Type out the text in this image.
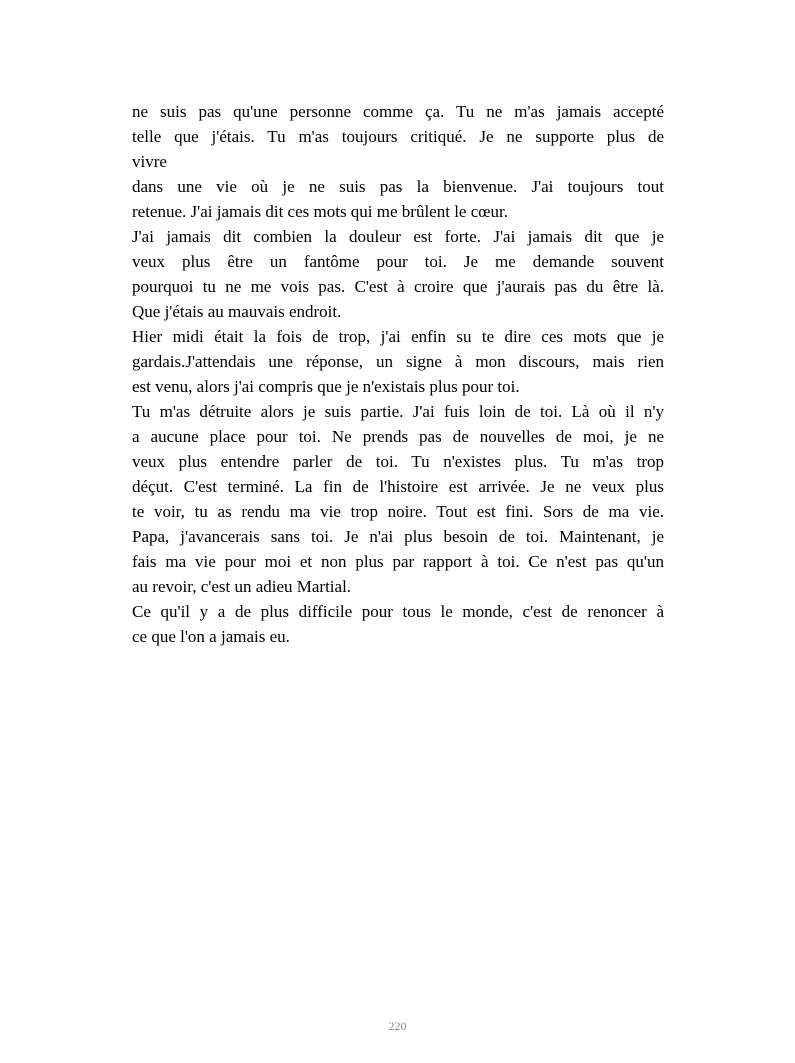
ne suis pas qu'une personne comme ça. Tu ne m'as jamais accepté
telle que j'étais. Tu m'as toujours critiqué. Je ne supporte plus de
vivre
dans une vie où je ne suis pas la bienvenue. J'ai toujours tout
retenue. J'ai jamais dit ces mots qui me brûlent le cœur.
J'ai jamais dit combien la douleur est forte. J'ai jamais dit que je
veux plus être un fantôme pour toi. Je me demande souvent
pourquoi tu ne me vois pas. C'est à croire que j'aurais pas du être là.
Que j'étais au mauvais endroit.
Hier midi était la fois de trop, j'ai enfin su te dire ces mots que je
gardais.J'attendais une réponse, un signe à mon discours, mais rien
est venu, alors j'ai compris que je n'existais plus pour toi.
Tu m'as détruite alors je suis partie. J'ai fuis loin de toi. Là où il n'y
a aucune place pour toi. Ne prends pas de nouvelles de moi, je ne
veux plus entendre parler de toi. Tu n'existes plus. Tu m'as trop
déçut. C'est terminé. La fin de l'histoire est arrivée. Je ne veux plus
te voir, tu as rendu ma vie trop noire. Tout est fini. Sors de ma vie.
Papa, j'avancerais sans toi. Je n'ai plus besoin de toi. Maintenant, je
fais ma vie pour moi et non plus par rapport à toi. Ce n'est pas qu'un
au revoir, c'est un adieu Martial.
Ce qu'il y a de plus difficile pour tous le monde, c'est de renoncer à
ce que l'on a jamais eu.
220
